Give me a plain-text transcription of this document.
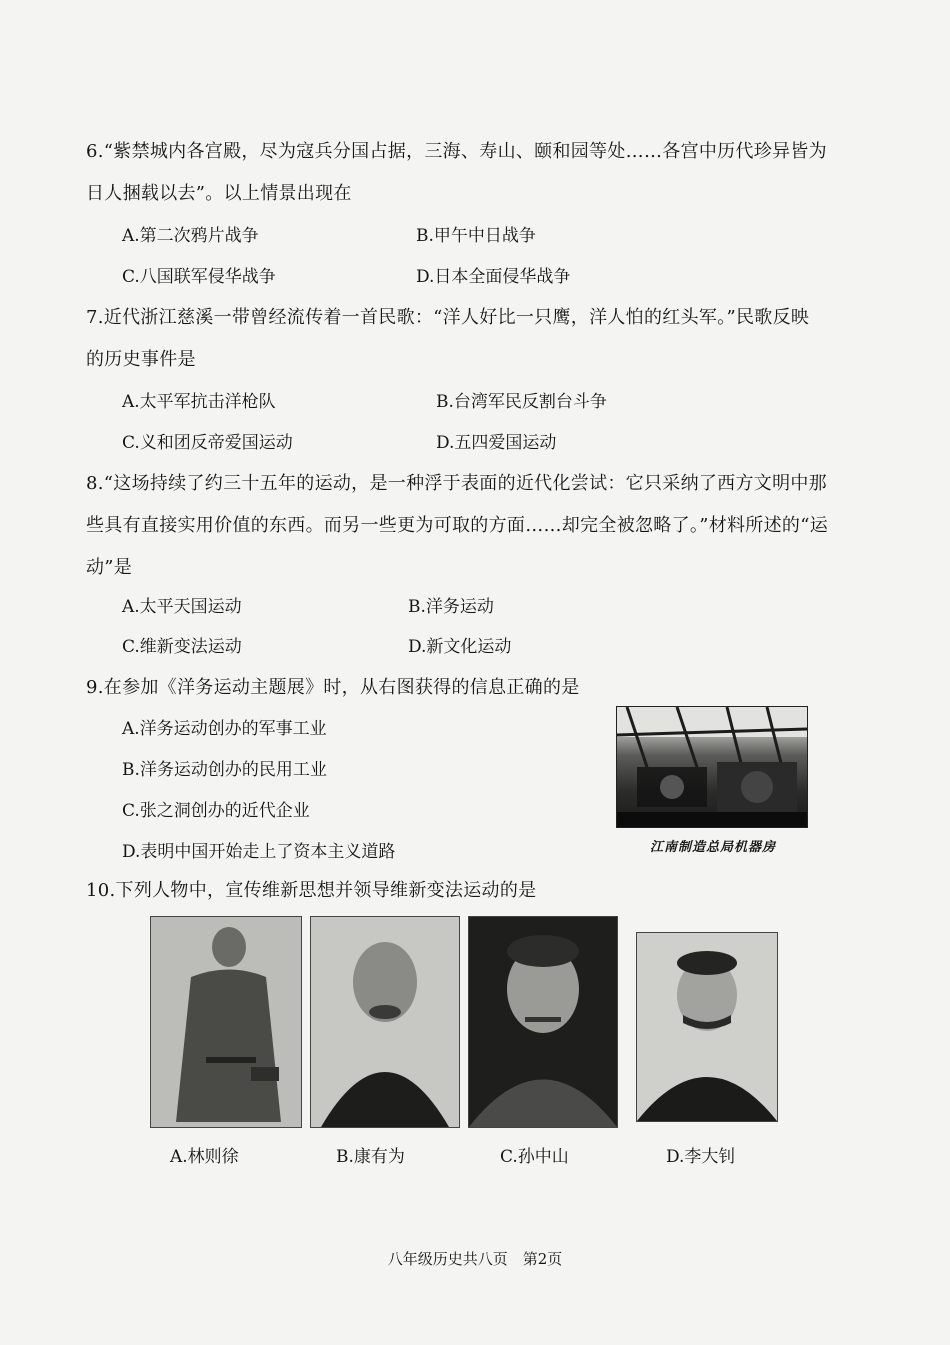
6.“紫禁城内各宫殿，尽为寇兵分国占据，三海、寿山、颐和园等处……各宫中历代珍异皆为
日人捆载以去”。以上情景出现在
A.第二次鸦片战争	B.甲午中日战争
C.八国联军侵华战争	D.日本全面侵华战争
7.近代浙江慈溪一带曾经流传着一首民歌：“洋人好比一只鹰，洋人怕的红头军。”民歌反映
的历史事件是
A.太平军抗击洋枪队	B.台湾军民反割台斗争
C.义和团反帝爱国运动	D.五四爱国运动
8.“这场持续了约三十五年的运动，是一种浮于表面的近代化尝试：它只采纳了西方文明中那
些具有直接实用价值的东西。而另一些更为可取的方面……却完全被忽略了。”材料所述的“运
动”是
A.太平天国运动	B.洋务运动
C.维新变法运动	D.新文化运动
9.在参加《洋务运动主题展》时，从右图获得的信息正确的是
A.洋务运动创办的军事工业
B.洋务运动创办的民用工业
C.张之洞创办的近代企业
D.表明中国开始走上了资本主义道路	江南制造总局机器房
10.下列人物中，宣传维新思想并领导维新变法运动的是
A.林则徐	B.康有为	C.孙中山	D.李大钊
八年级历史共八页　第2页
